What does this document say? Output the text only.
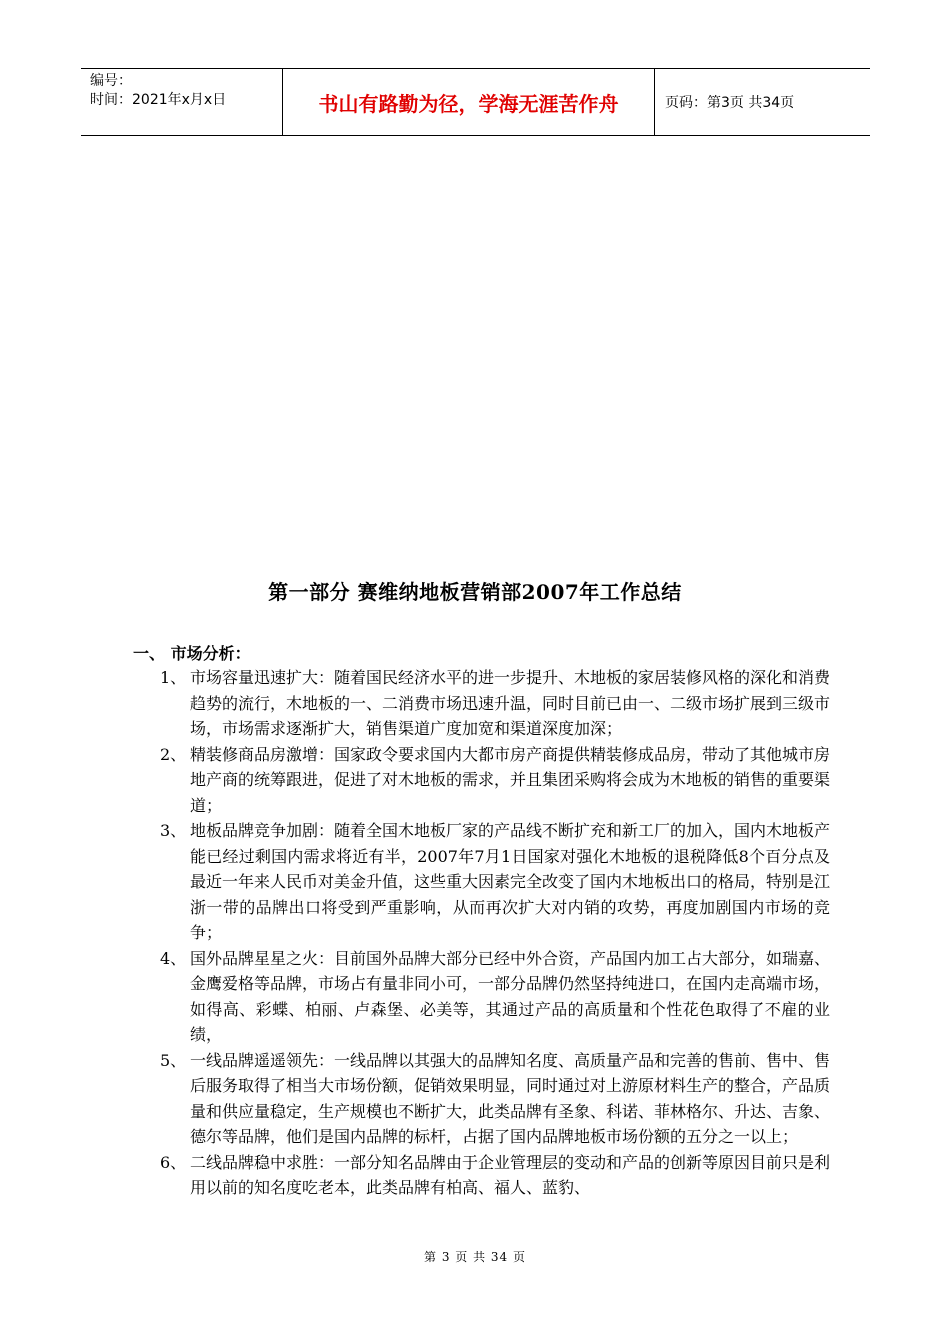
编号：
时间：2021年x月x日	书山有路勤为径，学海无涯苦作舟	页码：第3页 共34页
第一部分 赛维纳地板营销部2007年工作总结
一、 市场分析：
1、 市场容量迅速扩大：随着国民经济水平的进一步提升、木地板的家居装修风格的深化和消费趋势的流行，木地板的一、二消费市场迅速升温，同时目前已由一、二级市场扩展到三级市场，市场需求逐渐扩大，销售渠道广度加宽和渠道深度加深；
2、 精装修商品房激增：国家政令要求国内大都市房产商提供精装修成品房，带动了其他城市房地产商的统筹跟进，促进了对木地板的需求，并且集团采购将会成为木地板的销售的重要渠道；
3、 地板品牌竞争加剧：随着全国木地板厂家的产品线不断扩充和新工厂的加入，国内木地板产能已经过剩国内需求将近有半，2007年7月1日国家对强化木地板的退税降低8个百分点及最近一年来人民币对美金升值，这些重大因素完全改变了国内木地板出口的格局，特别是江浙一带的品牌出口将受到严重影响，从而再次扩大对内销的攻势，再度加剧国内市场的竞争；
4、 国外品牌星星之火：目前国外品牌大部分已经中外合资，产品国内加工占大部分，如瑞嘉、金鹰爱格等品牌，市场占有量非同小可，一部分品牌仍然坚持纯进口，在国内走高端市场，如得高、彩蝶、柏丽、卢森堡、必美等，其通过产品的高质量和个性花色取得了不雇的业绩，
5、 一线品牌遥遥领先：一线品牌以其强大的品牌知名度、高质量产品和完善的售前、售中、售后服务取得了相当大市场份额，促销效果明显，同时通过对上游原材料生产的整合，产品质量和供应量稳定，生产规模也不断扩大，此类品牌有圣象、科诺、菲林格尔、升达、吉象、德尔等品牌，他们是国内品牌的标杆，占据了国内品牌地板市场份额的五分之一以上；
6、 二线品牌稳中求胜：一部分知名品牌由于企业管理层的变动和产品的创新等原因目前只是利用以前的知名度吃老本，此类品牌有柏高、福人、蓝豹、
第 3 页 共 34 页
